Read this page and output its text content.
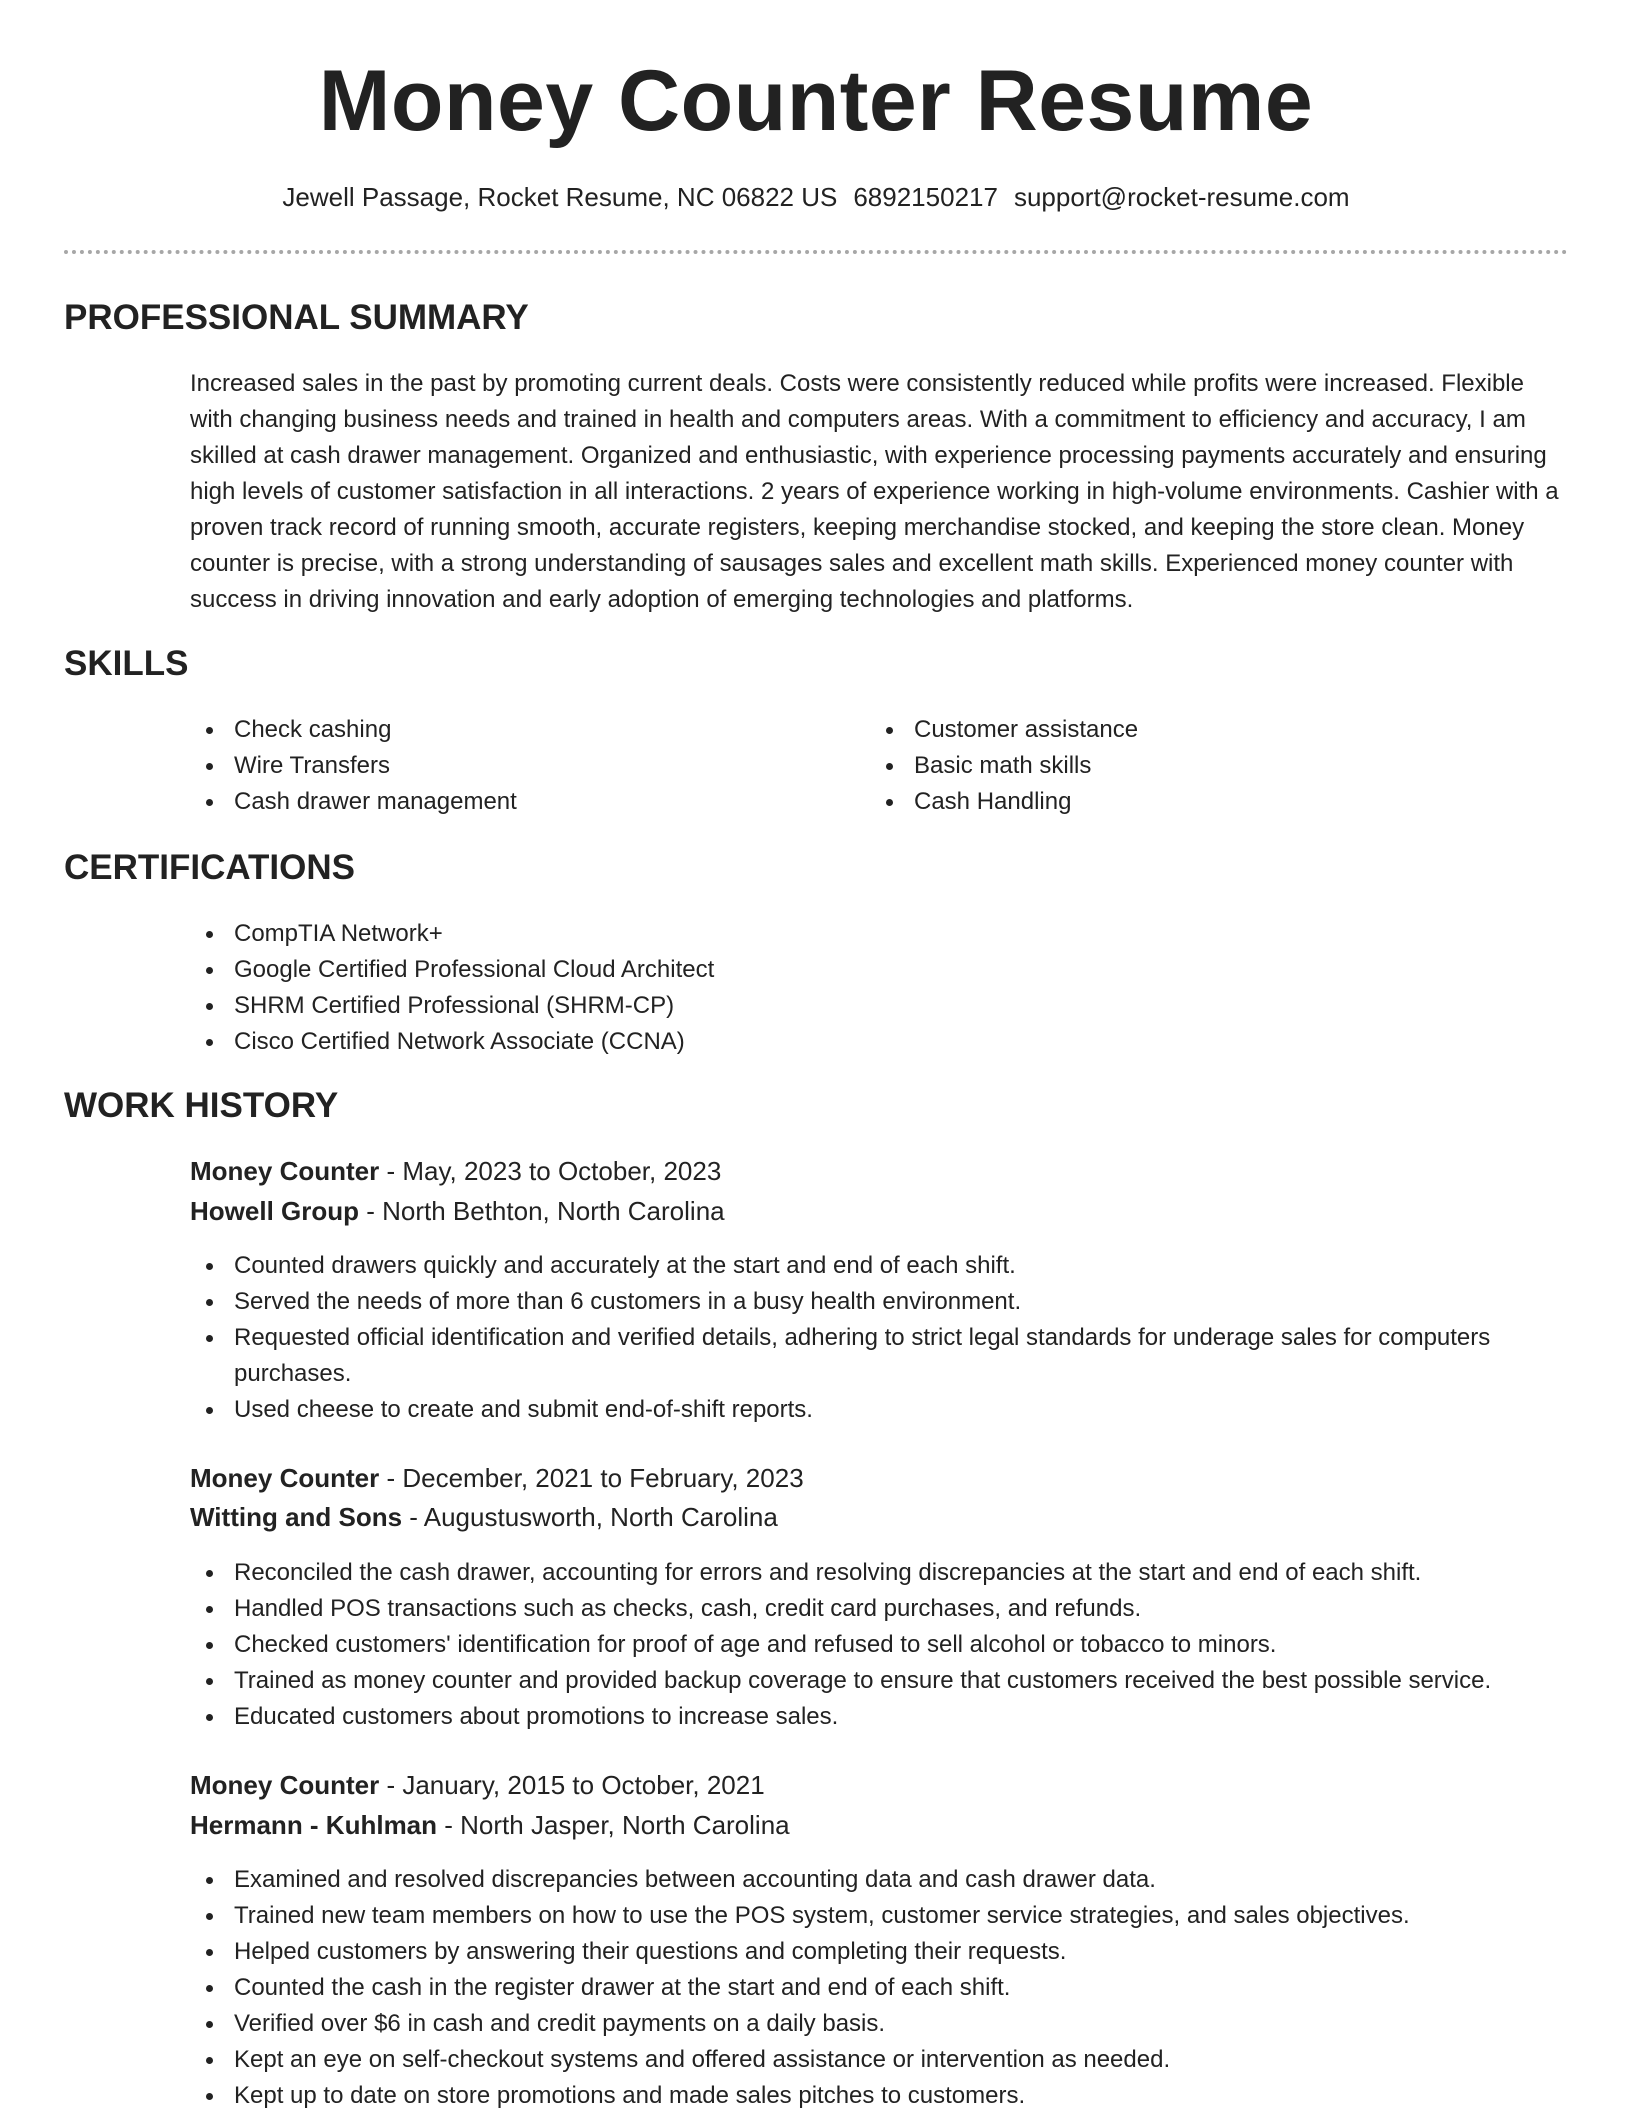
Money Counter Resume
Jewell Passage, Rocket Resume, NC 06822 US 6892150217 support@rocket-resume.com
PROFESSIONAL SUMMARY
Increased sales in the past by promoting current deals. Costs were consistently reduced while profits were increased. Flexible with changing business needs and trained in health and computers areas. With a commitment to efficiency and accuracy, I am skilled at cash drawer management. Organized and enthusiastic, with experience processing payments accurately and ensuring high levels of customer satisfaction in all interactions. 2 years of experience working in high-volume environments. Cashier with a proven track record of running smooth, accurate registers, keeping merchandise stocked, and keeping the store clean. Money counter is precise, with a strong understanding of sausages sales and excellent math skills. Experienced money counter with success in driving innovation and early adoption of emerging technologies and platforms.
SKILLS
Check cashing
Wire Transfers
Cash drawer management
Customer assistance
Basic math skills
Cash Handling
CERTIFICATIONS
CompTIA Network+
Google Certified Professional Cloud Architect
SHRM Certified Professional (SHRM-CP)
Cisco Certified Network Associate (CCNA)
WORK HISTORY
Money Counter - May, 2023 to October, 2023
Howell Group - North Bethton, North Carolina
Counted drawers quickly and accurately at the start and end of each shift.
Served the needs of more than 6 customers in a busy health environment.
Requested official identification and verified details, adhering to strict legal standards for underage sales for computers purchases.
Used cheese to create and submit end-of-shift reports.
Money Counter - December, 2021 to February, 2023
Witting and Sons - Augustusworth, North Carolina
Reconciled the cash drawer, accounting for errors and resolving discrepancies at the start and end of each shift.
Handled POS transactions such as checks, cash, credit card purchases, and refunds.
Checked customers' identification for proof of age and refused to sell alcohol or tobacco to minors.
Trained as money counter and provided backup coverage to ensure that customers received the best possible service.
Educated customers about promotions to increase sales.
Money Counter - January, 2015 to October, 2021
Hermann - Kuhlman - North Jasper, North Carolina
Examined and resolved discrepancies between accounting data and cash drawer data.
Trained new team members on how to use the POS system, customer service strategies, and sales objectives.
Helped customers by answering their questions and completing their requests.
Counted the cash in the register drawer at the start and end of each shift.
Verified over $6 in cash and credit payments on a daily basis.
Kept an eye on self-checkout systems and offered assistance or intervention as needed.
Kept up to date on store promotions and made sales pitches to customers.
